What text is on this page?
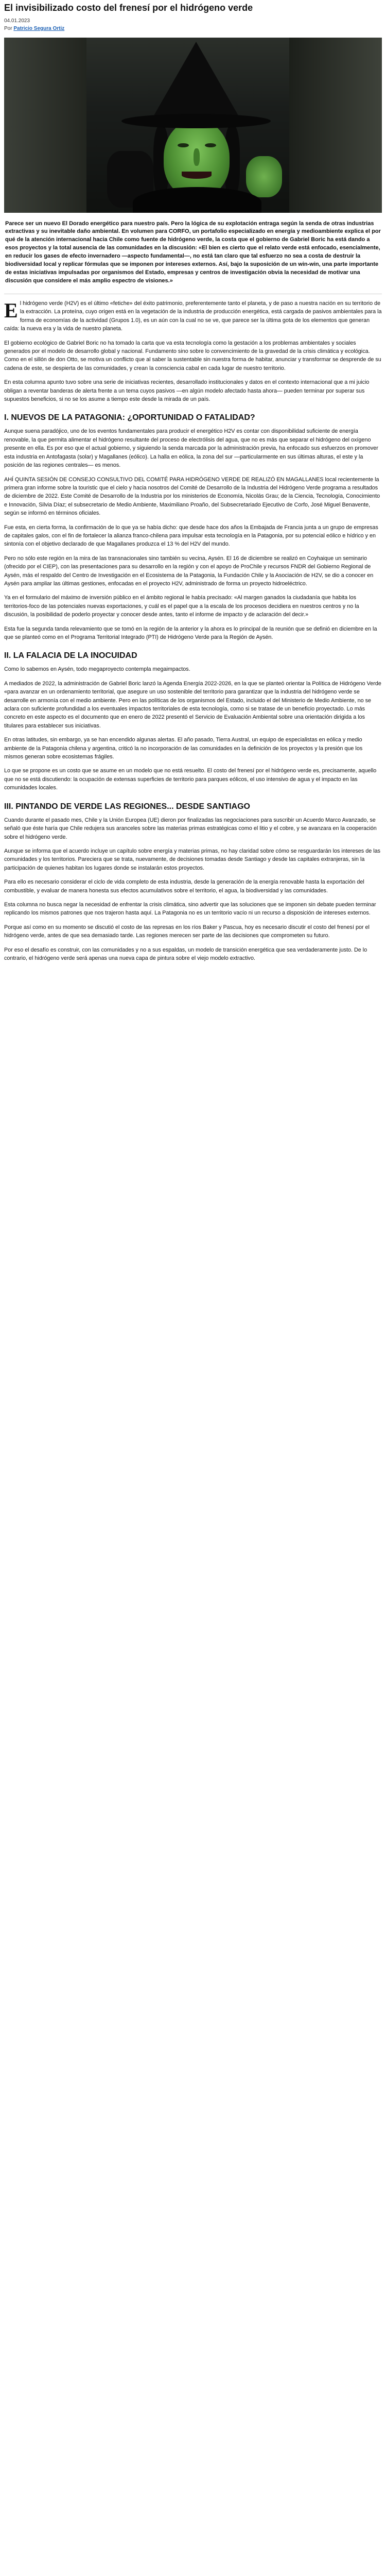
El invisibilizado costo del frenesí por el hidrógeno verde
04.01.2023
Por Patricio Segura Ortiz
Parece ser un nuevo El Dorado energético para nuestro país. Pero la lógica de su explotación entraga según la senda de otras industrias extractivas y su inevitable daño ambiental. En volumen para CORFO, un portafolio especializado en energía y medioambiente explica el por qué de la atención internacional hacia Chile como fuente de hidrógeno verde, la costa que el gobierno de Gabriel Boric ha está dando a esos proyectos y la total ausencia de las comunidades en la discusión: «El bien es cierto que el relato verde está enfocado, esencialmente, en reducir los gases de efecto invernadero —aspecto fundamental—, no está tan claro que tal esfuerzo no sea a costa de destruir la biodiversidad local y replicar fórmulas que se imponen por intereses externos. Así, bajo la suposición de un win-win, una parte importante de estas iniciativas impulsadas por organismos del Estado, empresas y centros de investigación obvia la necesidad de motivar una discusión que considere el más amplio espectro de visiones.»

El hidrógeno verde (H2V) es el último «fetiche» del éxito patrimonio, preferentemente tanto el planeta, y de paso a nuestra nación en su territorio de la extracción. La proteína, cuyo origen está en la vegetación de la industria de producción energética, está cargada de pasivos ambientales para la forma de economías de la actividad (Grupos 1.0), es un aún con la cual no se ve, que parece ser la última gota de los elementos que generan caída: la nueva era y la vida de nuestro planeta.

El gobierno ecológico de Gabriel Boric no ha tomado la carta que va esta tecnología como la gestación a los problemas ambientales y sociales generados por el modelo de desarrollo global y nacional. Fundamento sino sobre lo convencimiento de la gravedad de la crisis climática y ecológica. Como en el sillón de don Otto, se motiva un conflicto que al saber la sustentable sin nuestra forma de habitar, anunciar y transformar se desprende de su cadena de este, se despierta de las comunidades, y crean la consciencia cabal en cada lugar de nuestro territorio.

En esta columna apunto tuvo sobre una serie de iniciativas recientes, desarrollado institucionales y datos en el contexto internacional que a mi juicio obligan a reventar banderas de alerta frente a un tema cuyos pasivos —en algún modelo afectado hasta ahora— pueden terminar por superar sus supuestos beneficios, si no se los asume a tiempo este desde la mirada de un país.

I. NUEVOS DE LA PATAGONIA: ¿OPORTUNIDAD O FATALIDAD?

Aunque suena paradójico, uno de los eventos fundamentales para producir el energético H2V es contar con disponibilidad suficiente de energía renovable, la que permita alimentar el hidrógeno resultante del proceso de electrólisis del agua, que no es más que separar el hidrógeno del oxígeno presente en ella. Es por eso que el actual gobierno, y siguiendo la senda marcada por la administración previa, ha enfocado sus esfuerzos en promover esta industria en Antofagasta (solar) y Magallanes (eólico). La halla en eólica, la zona del sur —particularmente en sus últimas alturas, el este y la posición de las regiones centrales— es menos.

AHÍ QUINTA SESIÓN DE CONSEJO CONSULTIVO DEL COMITÉ PARA HIDRÓGENO VERDE DE REALIZÓ EN MAGALLANES local recientemente la primera gran informe sobre la touristic que el cielo y hacia nosotros del Comité de Desarrollo de la Industria del Hidrógeno Verde programa a resultados de diciembre de 2022. Este Comité de Desarrollo de la Industria por los ministerios de Economía, Nicolás Grau; de la Ciencia, Tecnología, Conocimiento e Innovación, Silvia Díaz; el subsecretario de Medio Ambiente, Maximiliano Proaño, del Subsecretariado Ejecutivo de Corfo, José Miguel Benavente, según se informó en términos oficiales.

Fue esta, en cierta forma, la confirmación de lo que ya se había dicho: que desde hace dos años la Embajada de Francia junta a un grupo de empresas de capitales galos, con el fin de fortalecer la alianza franco-chilena para impulsar esta tecnología en la Patagonia, por su potencial eólico e hídrico y en sintonía con el objetivo declarado de que Magallanes produzca el 13 % del H2V del mundo.

Pero no sólo este región en la mira de las transnacionales sino también su vecina, Aysén. El 16 de diciembre se realizó en Coyhaique un seminario (ofrecido por el CIEP), con las presentaciones para su desarrollo en la región y con el apoyo de ProChile y recursos FNDR del Gobierno Regional de Aysén, más el respaldo del Centro de Investigación en el Ecosistema de la Patagonia, la Fundación Chile y la Asociación de H2V, se dio a conocer en Aysén para ampliar las últimas gestiones, enfocadas en el proyecto H2V, administrado de forma un proyecto hidroeléctrico.

Ya en el formulario del máximo de inversión público en el ámbito regional le había precisado: «Al margen ganados la ciudadanía que habita los territorios-foco de las potenciales nuevas exportaciones, y cuál es el papel que a la escala de los procesos decidiera en nuestros centros y no la discusión, la posibilidad de poderlo proyectar y conocer desde antes, tanto el informe de impacto y de aclaración del decir.»

Esta fue la segunda tanda relevamiento que se tomó en la región de la anterior y la ahora es lo principal de la reunión que se definió en diciembre en la que se planteó como en el Programa Territorial Integrado (PTI) de Hidrógeno Verde para la Región de Aysén.

II. LA FALACIA DE LA INOCUIDAD

Como lo sabemos en Aysén, todo megaproyecto contempla megaimpactos.

A mediados de 2022, la administración de Gabriel Boric lanzó la Agenda Energía 2022-2026, en la que se planteó orientar la Política de Hidrógeno Verde «para avanzar en un ordenamiento territorial, que asegure un uso sostenible del territorio para garantizar que la industria del hidrógeno verde se desarrolle en armonía con el medio ambiente. Pero en las políticas de los organismos del Estado, incluido el del Ministerio de Medio Ambiente, no se aclara con suficiente profundidad a los eventuales impactos territoriales de esta tecnología, como si se tratase de un beneficio proyectado. Lo más concreto en este aspecto es el documento que en enero de 2022 presentó el Servicio de Evaluación Ambiental sobre una orientación dirigida a los titulares para establecer sus iniciativas.

En otras latitudes, sin embargo, ya se han encendido algunas alertas. El año pasado, Tierra Austral, un equipo de especialistas en eólica y medio ambiente de la Patagonia chilena y argentina, criticó la no incorporación de las comunidades en la definición de los proyectos y la presión que los mismos generan sobre ecosistemas frágiles.

Lo que se propone es un costo que se asume en un modelo que no está resuelto. El costo del frenesí por el hidrógeno verde es, precisamente, aquello que no se está discutiendo: la ocupación de extensas superficies de territorio para parques eólicos, el uso intensivo de agua y el impacto en las comunidades locales.

III. PINTANDO DE VERDE LAS REGIONES... DESDE SANTIAGO

Cuando durante el pasado mes, Chile y la Unión Europea (UE) dieron por finalizadas las negociaciones para suscribir un Acuerdo Marco Avanzado, se señaló que éste haría que Chile redujera sus aranceles sobre las materias primas estratégicas como el litio y el cobre, y se avanzara en la cooperación sobre el hidrógeno verde.

Aunque se informa que el acuerdo incluye un capítulo sobre energía y materias primas, no hay claridad sobre cómo se resguardarán los intereses de las comunidades y los territorios. Pareciera que se trata, nuevamente, de decisiones tomadas desde Santiago y desde las capitales extranjeras, sin la participación de quienes habitan los lugares donde se instalarán estos proyectos.

Para ello es necesario considerar el ciclo de vida completo de esta industria, desde la generación de la energía renovable hasta la exportación del combustible, y evaluar de manera honesta sus efectos acumulativos sobre el territorio, el agua, la biodiversidad y las comunidades.

Esta columna no busca negar la necesidad de enfrentar la crisis climática, sino advertir que las soluciones que se imponen sin debate pueden terminar replicando los mismos patrones que nos trajeron hasta aquí. La Patagonia no es un territorio vacío ni un recurso a disposición de intereses externos.

Porque así como en su momento se discutió el costo de las represas en los ríos Baker y Pascua, hoy es necesario discutir el costo del frenesí por el hidrógeno verde, antes de que sea demasiado tarde. Las regiones merecen ser parte de las decisiones que comprometen su futuro.

Por eso el desafío es construir, con las comunidades y no a sus espaldas, un modelo de transición energética que sea verdaderamente justo. De lo contrario, el hidrógeno verde será apenas una nueva capa de pintura sobre el viejo modelo extractivo.
